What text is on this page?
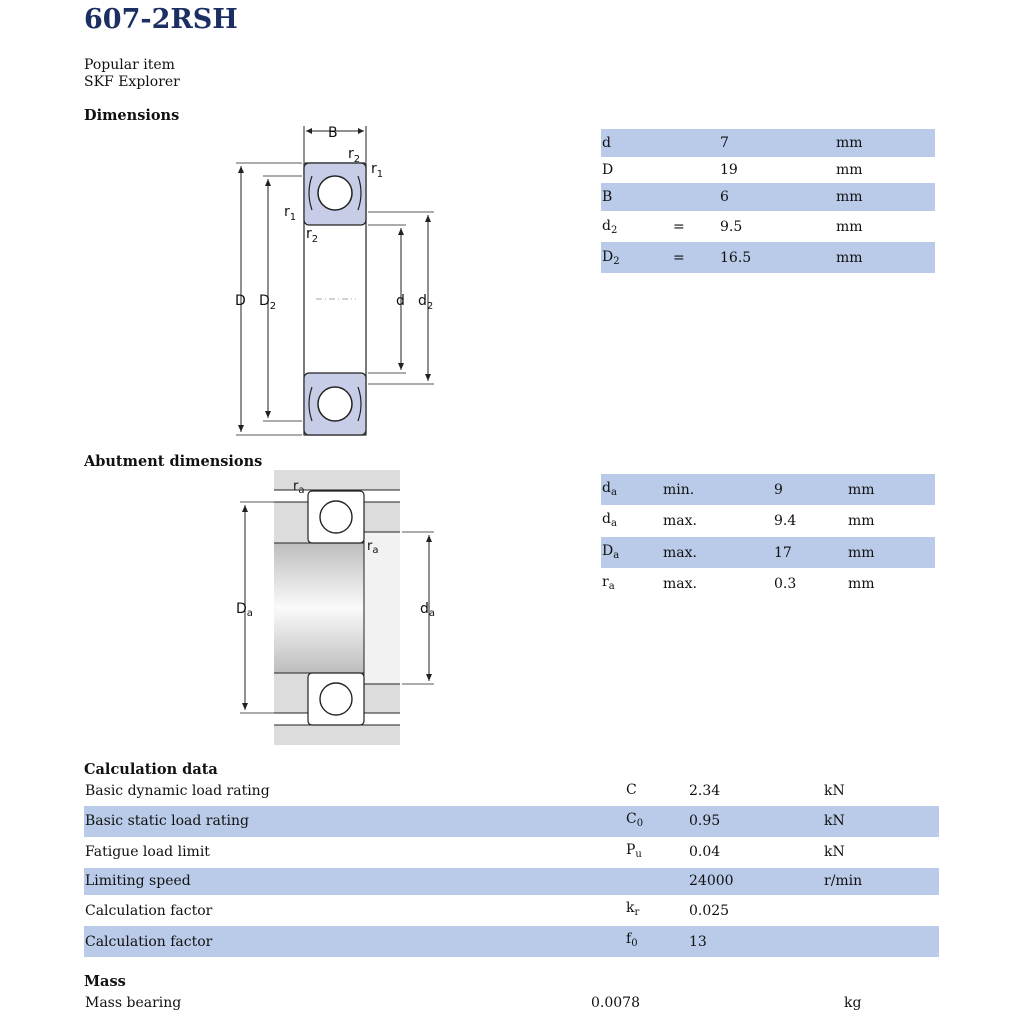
607-2RSH
Popular item
SKF Explorer
Dimensions
B
$r_2$
$r_1$
$r_1$
$r_2$
D $D_2$	d $d_2$
d	7	mm
D	19	mm
B	6	mm
$d_2$	=	9.5	mm
$D_2$	=	16.5	mm
Abutment dimensions
$r_a$
$r_a$
$D_a$	$d_a$
$d_a$	min.	9	mm
$d_a$	max.	9.4	mm
$D_a$	max.	17	mm
$r_a$	max.	0.3	mm
Calculation data
Basic dynamic load rating	C	2.34	kN
Basic static load rating	$C_0$	0.95	kN
Fatigue load limit	$P_u$	0.04	kN
Limiting speed	24000	r/min
Calculation factor	$k_r$	0.025
Calculation factor	$f_0$	13
Mass
Mass bearing	0.0078	kg
